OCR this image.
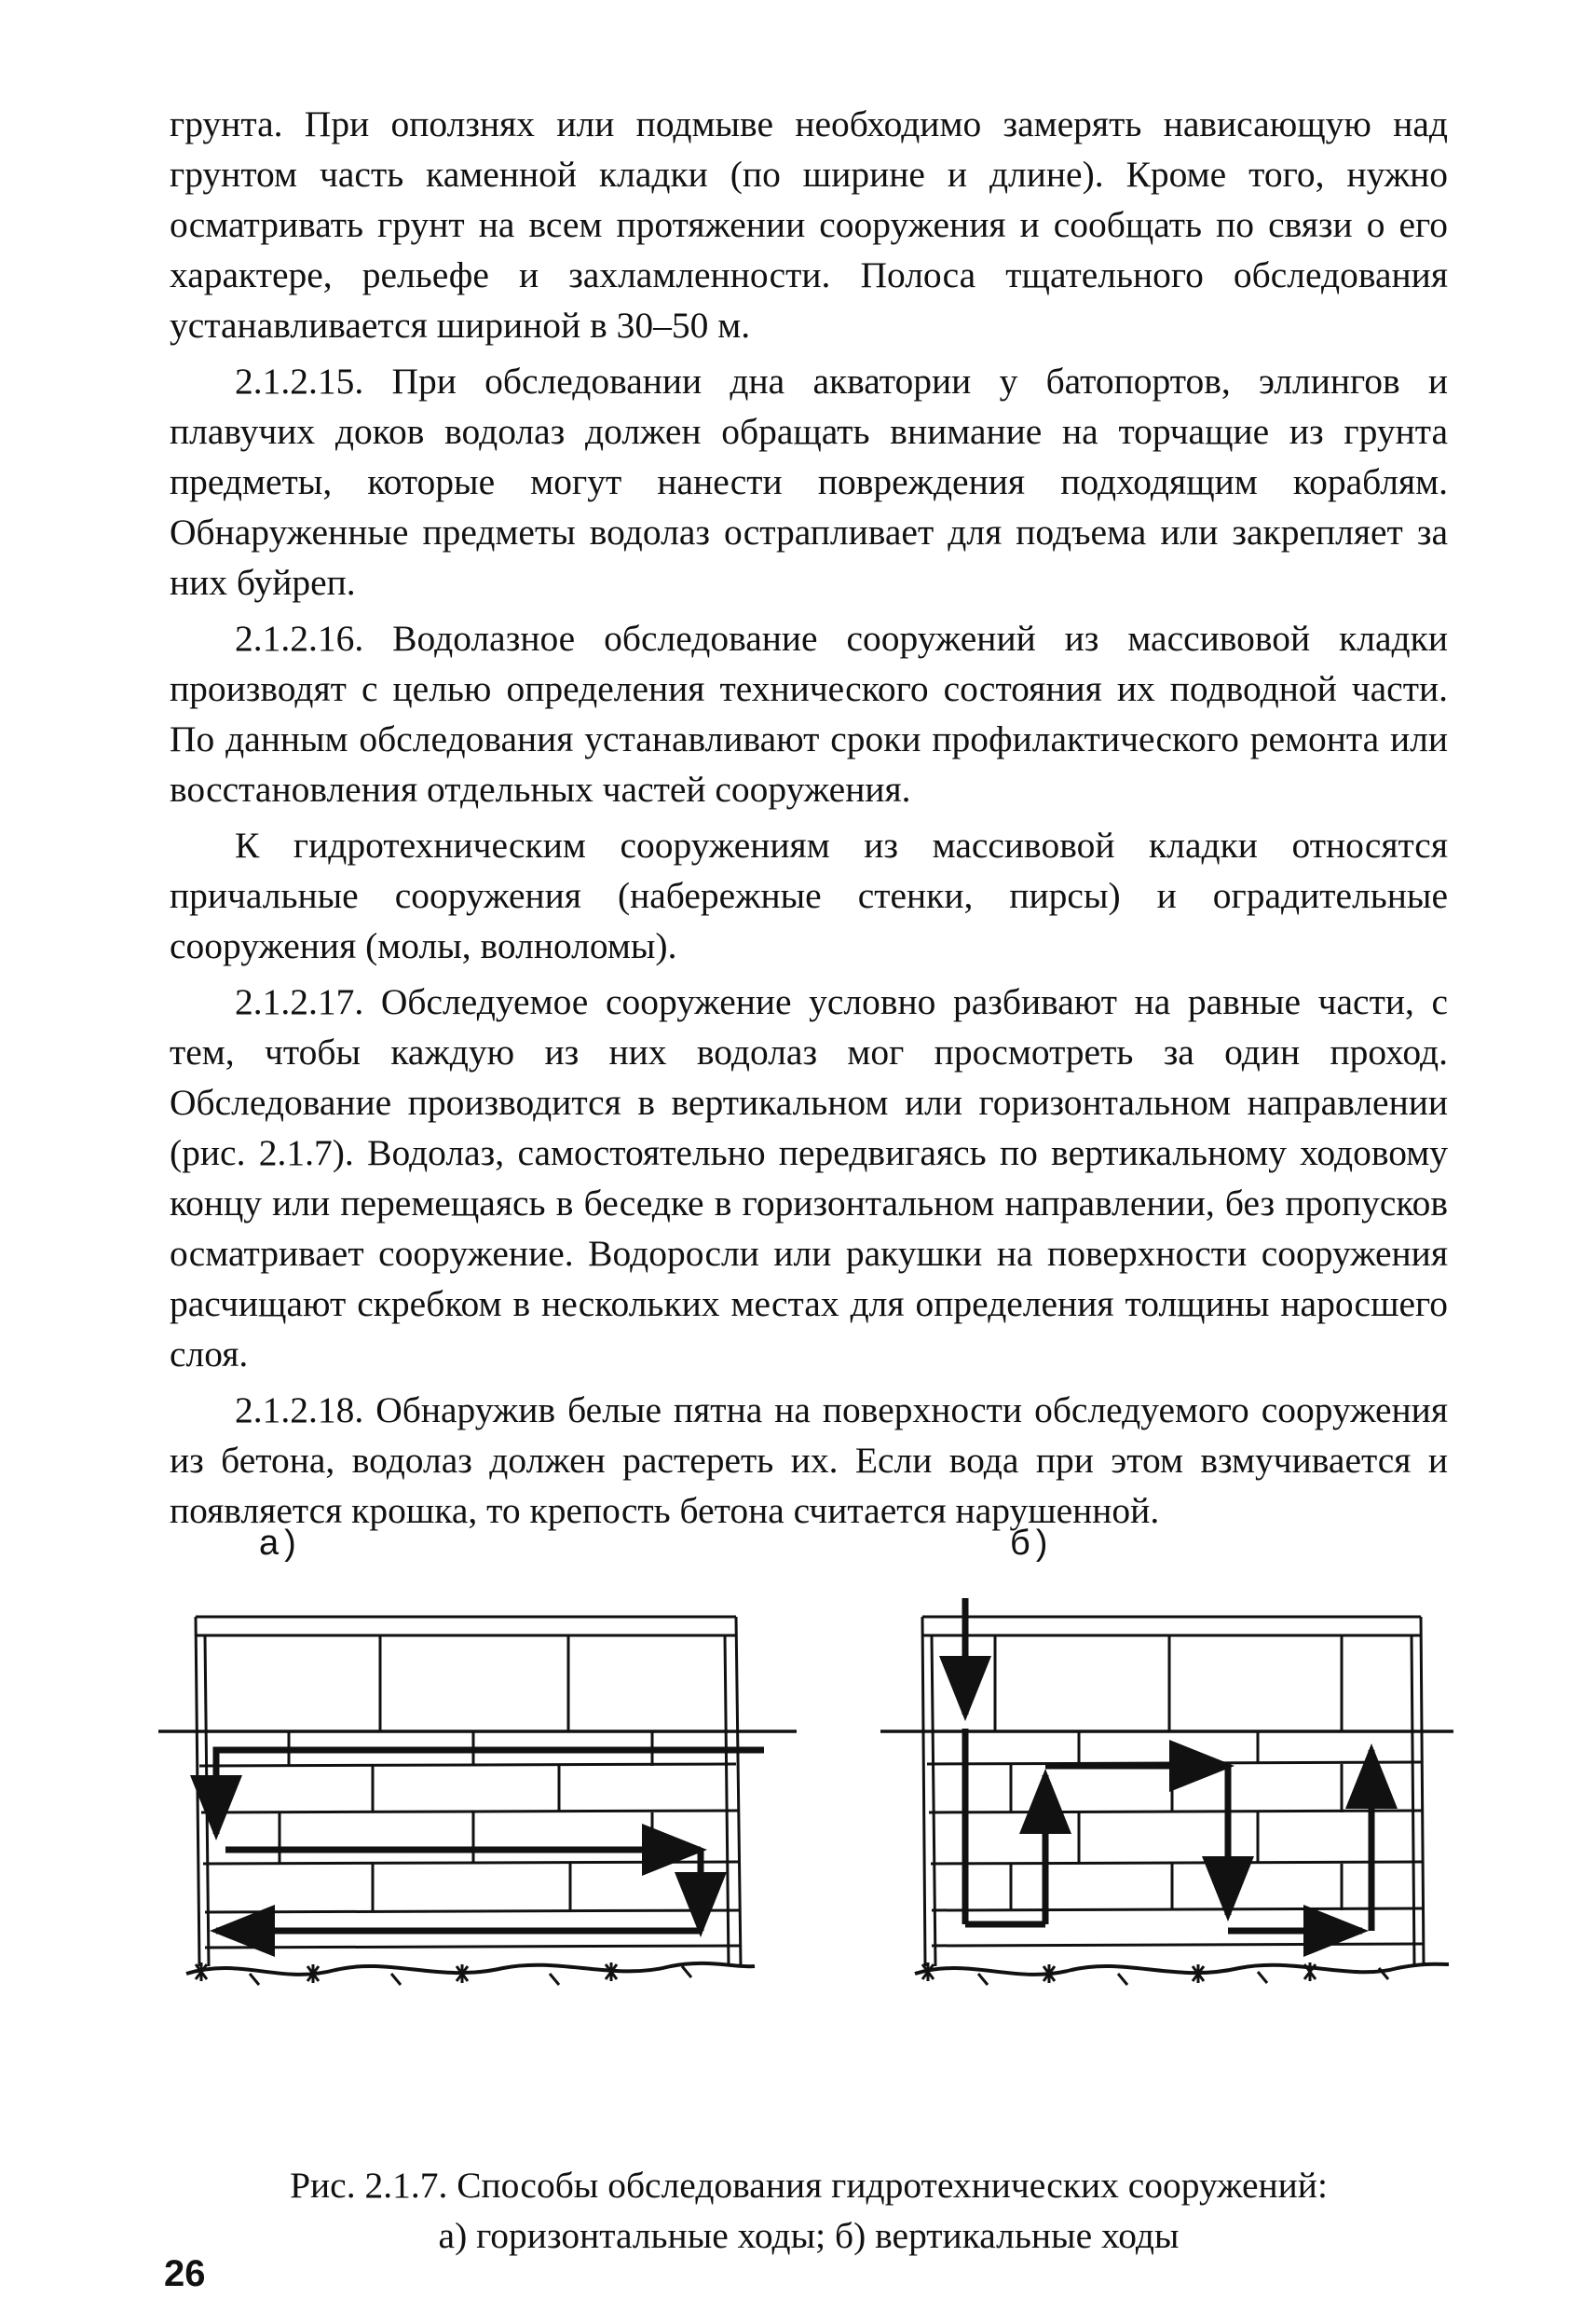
грунта. При оползнях или подмыве необходимо замерять нависающую над грунтом часть каменной кладки (по ширине и длине). Кроме того, нужно осматривать грунт на всем протяжении сооружения и сообщать по связи о его характере, рельефе и захламленности. Полоса тщательного обследования устанавливается шириной в 30–50 м.

2.1.2.15. При обследовании дна акватории у батопортов, эллингов и плавучих доков водолаз должен обращать внимание на торчащие из грунта предметы, которые могут нанести повреждения подходящим кораблям. Обнаруженные предметы водолаз острапливает для подъема или закрепляет за них буйреп.

2.1.2.16. Водолазное обследование сооружений из массивовой кладки производят с целью определения технического состояния их подводной части. По данным обследования устанавливают сроки профилактического ремонта или восстановления отдельных частей сооружения.

К гидротехническим сооружениям из массивовой кладки относятся причальные сооружения (набережные стенки, пирсы) и оградительные сооружения (молы, волноломы).

2.1.2.17. Обследуемое сооружение условно разбивают на равные части, с тем, чтобы каждую из них водолаз мог просмотреть за один проход. Обследование производится в вертикальном или горизонтальном направлении (рис. 2.1.7). Водолаз, самостоятельно передвигаясь по вертикальному ходовому концу или перемещаясь в беседке в горизонтальном направлении, без пропусков осматривает сооружение. Водоросли или ракушки на поверхности сооружения расчищают скребком в нескольких местах для определения толщины наросшего слоя.

2.1.2.18. Обнаружив белые пятна на поверхности обследуемого сооружения из бетона, водолаз должен растереть их. Если вода при этом взмучивается и появляется крошка, то крепость бетона считается нарушенной.

а)	б)
Рис. 2.1.7. Способы обследования гидротехнических сооружений:
а) горизонтальные ходы; б) вертикальные ходы
26
